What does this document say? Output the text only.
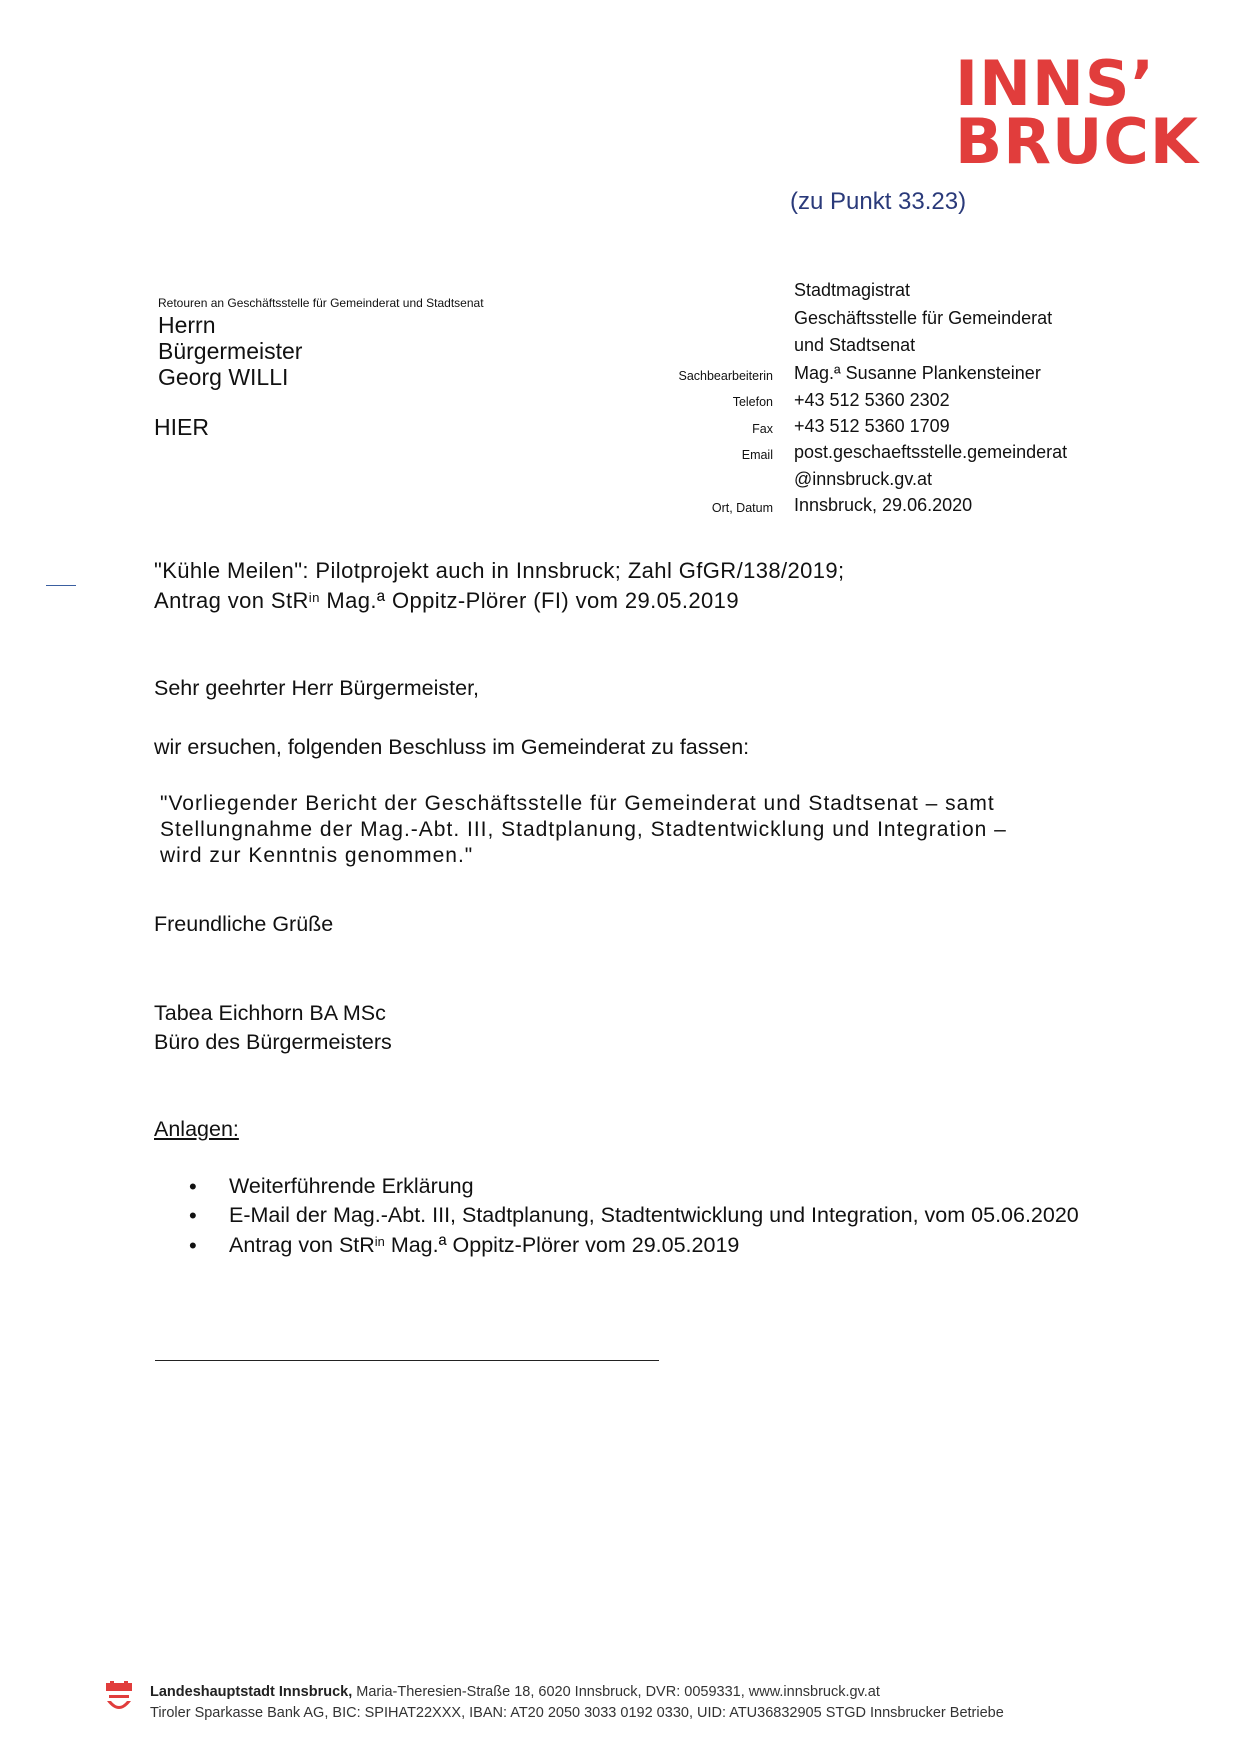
INNS’
BRUCK
(zu Punkt 33.23)
Retouren an Geschäftsstelle für Gemeinderat und Stadtsenat
Herrn
Bürgermeister
Georg WILLI
HIER
Stadtmagistrat
Geschäftsstelle für Gemeinderat
und Stadtsenat
Sachbearbeiterin Mag.ª Susanne Plankensteiner
Telefon +43 512 5360 2302
Fax +43 512 5360 1709
Email post.geschaeftsstelle.gemeinderat
@innsbruck.gv.at
Ort, Datum Innsbruck, 29.06.2020
"Kühle Meilen": Pilotprojekt auch in Innsbruck; Zahl GfGR/138/2019;
Antrag von StR$^{in}$ Mag.ª Oppitz-Plörer (FI) vom 29.05.2019
Sehr geehrter Herr Bürgermeister,
wir ersuchen, folgenden Beschluss im Gemeinderat zu fassen:
"Vorliegender Bericht der Geschäftsstelle für Gemeinderat und Stadtsenat – samt
Stellungnahme der Mag.-Abt. III, Stadtplanung, Stadtentwicklung und Integration –
wird zur Kenntnis genommen."
Freundliche Grüße
Tabea Eichhorn BA MSc
Büro des Bürgermeisters
Anlagen:
• Weiterführende Erklärung
• E-Mail der Mag.-Abt. III, Stadtplanung, Stadtentwicklung und Integration, vom 05.06.2020
• Antrag von StR$^{in}$ Mag.ª Oppitz-Plörer vom 29.05.2019
Landeshauptstadt Innsbruck, Maria-Theresien-Straße 18, 6020 Innsbruck, DVR: 0059331, www.innsbruck.gv.at
Tiroler Sparkasse Bank AG, BIC: SPIHAT22XXX, IBAN: AT20 2050 3033 0192 0330, UID: ATU36832905 STGD Innsbrucker Betriebe
